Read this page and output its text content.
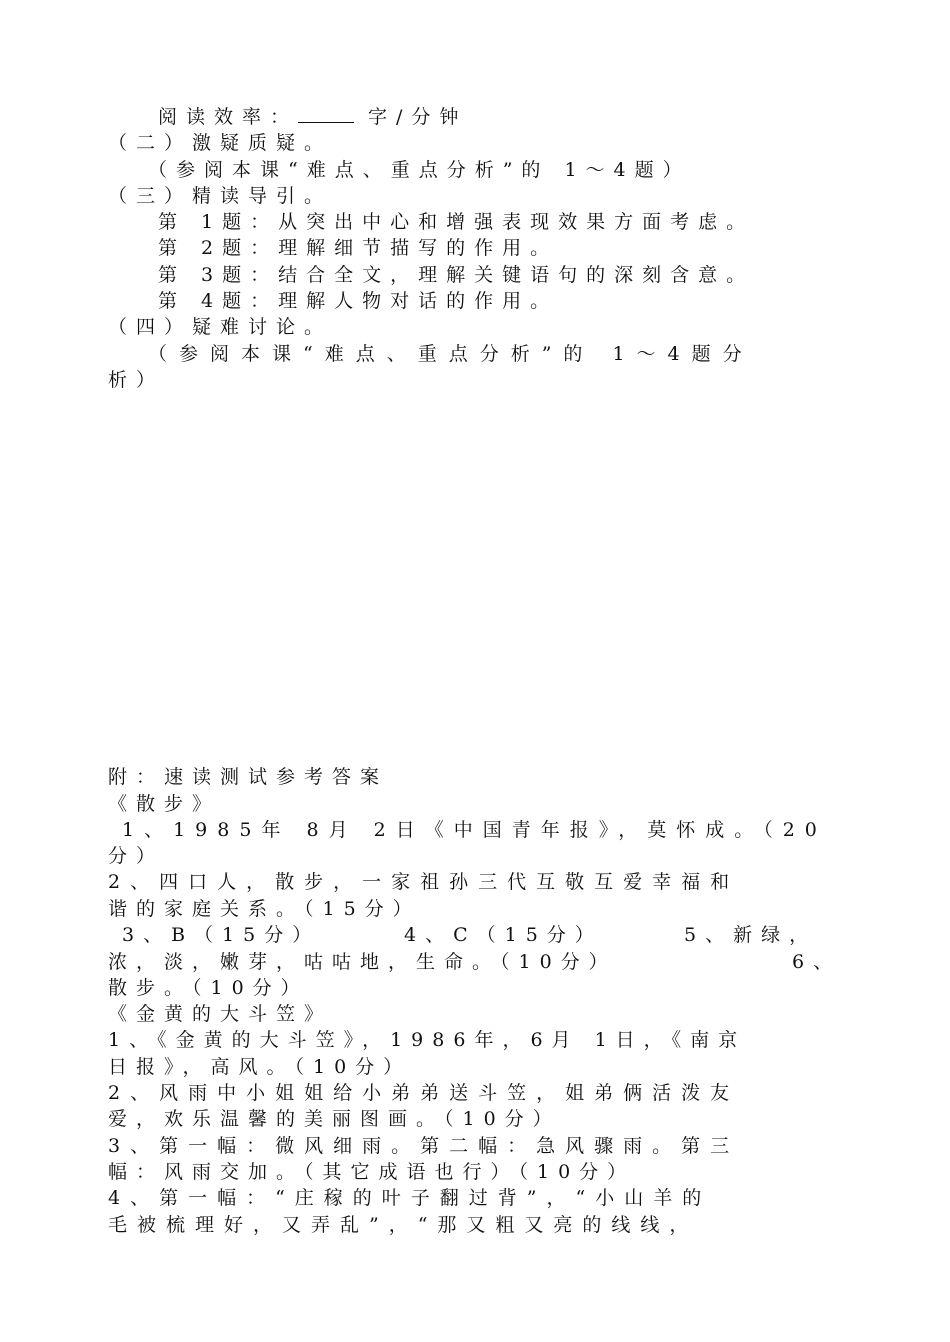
阅读效率：	字/分钟
（二）激疑质疑。
（参阅本课“难点、重点分析”的 1～4题）
（三）精读导引。
第 1题：从突出中心和增强表现效果方面考虑。
第 2题：理解细节描写的作用。
第 3题：结合全文，理解关键语句的深刻含意。
第 4题：理解人物对话的作用。
（四）疑难讨论。
（参阅本课“难点、重点分析”的 1～4题分
析）
附：速读测试参考答案
《散步》
1、1985年 8月 2日《中国青年报》，莫怀成。（20
分）
2、四口人，散步，一家祖孙三代互敬互爱幸福和
谐的家庭关系。（15分）
3、B（15分）	4、C（15分）	5、新绿，
浓，淡，嫩芽，咕咕地，生命。（10分）	6、
散步。（10分）
《金黄的大斗笠》
1、《金黄的大斗笠》，1986年，6月 1日，《南京
日报》，高风。（10分）
2、风雨中小姐姐给小弟弟送斗笠，姐弟俩活泼友
爱，欢乐温馨的美丽图画。（10分）
3、第一幅：微风细雨。第二幅：急风骤雨。第三
幅：风雨交加。（其它成语也行）（10分）
4、第一幅：“庄稼的叶子翻过背”，“小山羊的
毛被梳理好，又弄乱”，“那又粗又亮的线线，
